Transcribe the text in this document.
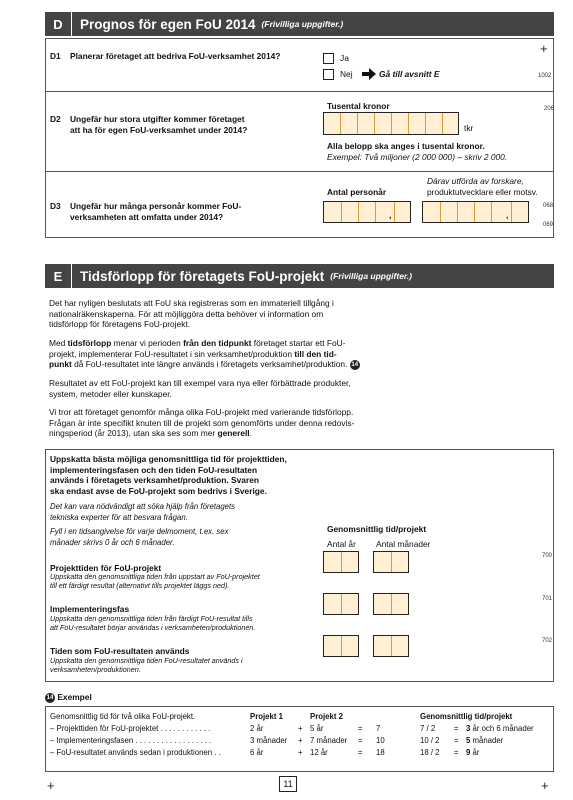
D	Prognos för egen FoU 2014 (Frivilliga uppgifter.)
+
D1 Planerar företaget att bedriva FoU-verksamhet 2014?	Ja
Nej	Gå till avsnitt E	1002
Tusental kronor	206
D2 Ungefär hur stora utgifter kommer företaget
att ha för egen FoU-verksamhet under 2014?	tkr
Alla belopp ska anges i tusental kronor.
Exempel: Två miljoner (2 000 000) – skriv 2 000.
Därav utförda av forskare,
produktutvecklare eller motsv.
Antal personår
068
D3 Ungefär hur många personår kommer FoU-
verksamheten att omfatta under 2014?	,	,
069
E	Tidsförlopp för företagets FoU-projekt (Frivilliga uppgifter.)
Det har nyligen beslutats att FoU ska registreras som en immateriell tillgång i
nationalräkenskaperna. För att möjliggöra detta behöver vi information om
tidsförlopp för företagens FoU-projekt.
Med tidsförlopp menar vi perioden från den tidpunkt företaget startar ett FoU-
projekt, implementerar FoU-resultatet i sin verksamhet/produktion till den tid-
punkt då FoU-resultatet inte längre används i företagets verksamhet/produktion. 14
Resultatet av ett FoU-projekt kan till exempel vara nya eller förbättrade produkter,
system, metoder eller kunskaper.
Vi tror att företaget genomför många olika FoU-projekt med varierande tidsförlopp.
Frågan är inte specifikt knuten till de projekt som genomförts under denna redovis-
ningsperiod (år 2013), utan ska ses som mer generell.
Uppskatta bästa möjliga genomsnittliga tid för projekttiden,
implementeringsfasen och den tiden FoU-resultaten
används i företagets verksamhet/produktion. Svaren
ska endast avse de FoU-projekt som bedrivs i Sverige.
Det kan vara nödvändigt att söka hjälp från företagets
tekniska experter för att besvara frågan.
Fyll i en tidsangivelse för varje delmoment, t.ex. sex
månader skrivs 0 år och 6 månader.
Genomsnittlig tid/projekt
Antal år Antal månader
700
Projekttiden för FoU-projekt
Uppskatta den genomsnittliga tiden från uppstart av FoU-projektet
till ett färdigt resultat (alternativt tills projektet läggs ned).
701
Implementeringsfas
Uppskatta den genomsnittliga tiden från färdigt FoU-resultat tills
att FoU-resultatet börjar användas i verksamheten/produktionen.
702
Tiden som FoU-resultaten används
Uppskatta den genomsnittliga tiden FoU-resultatet används i
verksamheten/produktionen.
14 Exempel
Genomsnittlig tid för två olika FoU-projekt.	Projekt 1		Projekt 2			Genomsnittlig tid/projekt		
– Projekttiden för FoU-projektet . . . . . . . . . . . .	2 år	+	5 år	=	7	7 / 2	=	3 år och 6 månader
– Implementeringsfasen . . . . . . . . . . . . . . . . . .	3 månader	+	7 månader	=	10	10 / 2	=	5 månader
– FoU-resultatet används sedan i produktionen . .	6 år	+	12 år	=	18	18 / 2	=	9 år
+	11	+
